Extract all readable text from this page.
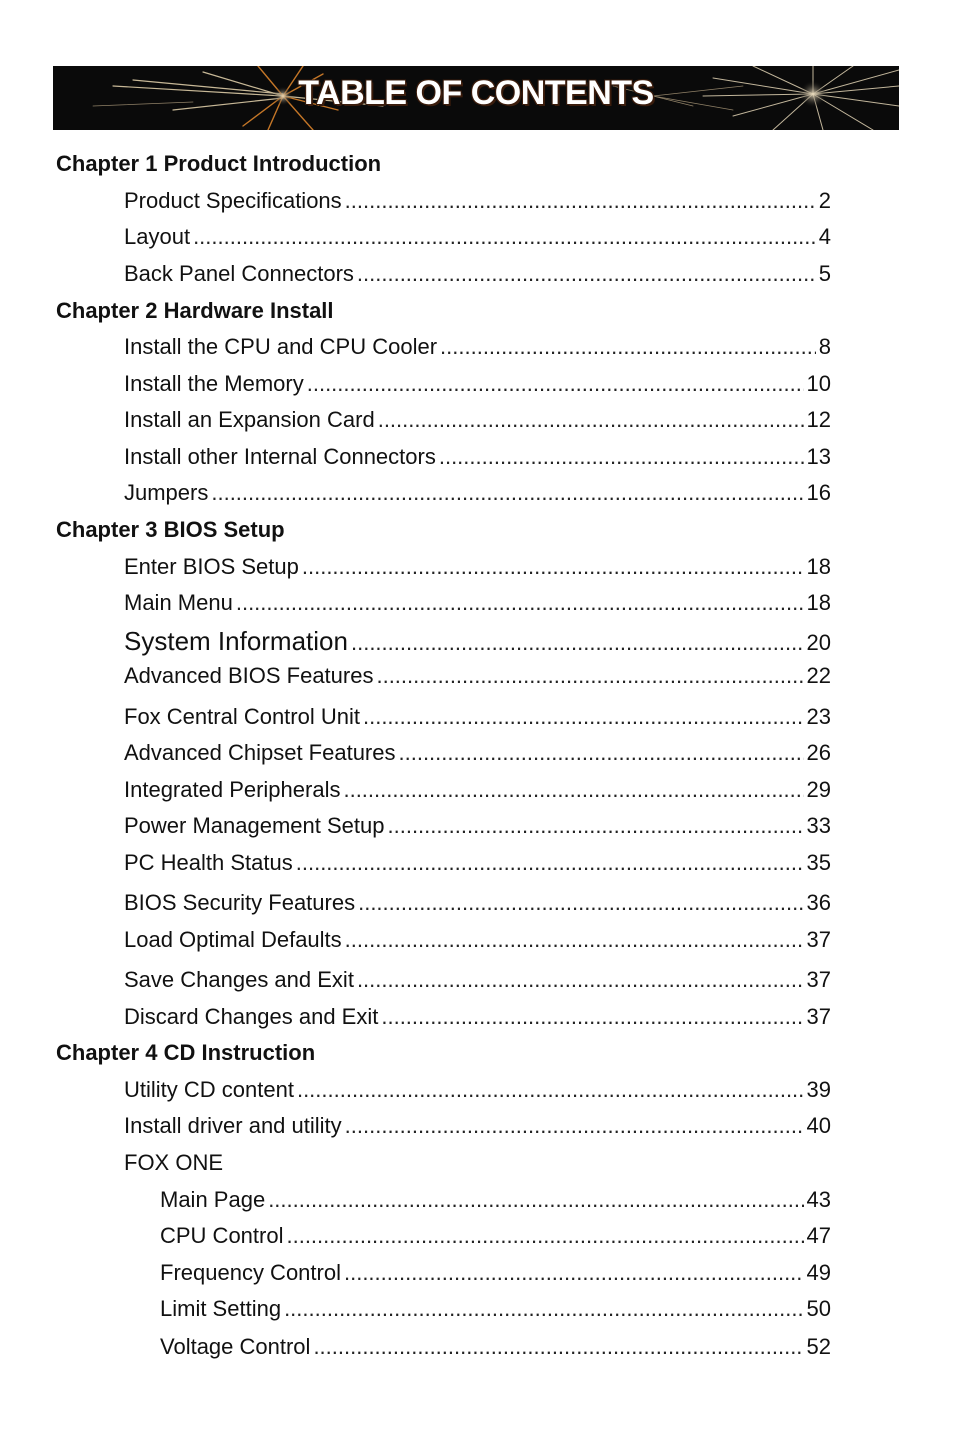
TABLE OF CONTENTS
Chapter 1 Product Introduction
Product Specifications .....	2
Layout .....	4
Back Panel Connectors .....	5
Chapter 2 Hardware Install
Install the CPU and CPU Cooler .....	8
Install the Memory .....	10
Install an Expansion Card .....	12
Install other Internal Connectors .....	13
Jumpers .....	16
Chapter 3 BIOS Setup
Enter BIOS Setup .....	18
Main Menu .....	18
System Information .....	20
Advanced BIOS Features .....	22
Fox Central Control Unit .....	23
Advanced Chipset Features .....	26
Integrated Peripherals .....	29
Power Management Setup .....	33
PC Health Status .....	35
BIOS Security Features .....	36
Load Optimal Defaults .....	37
Save Changes and Exit .....	37
Discard Changes and Exit .....	37
Chapter 4 CD Instruction
Utility CD content .....	39
Install driver and utility .....	40
FOX ONE
Main Page .....	43
CPU Control .....	47
Frequency Control .....	49
Limit Setting .....	50
Voltage Control .....	52
